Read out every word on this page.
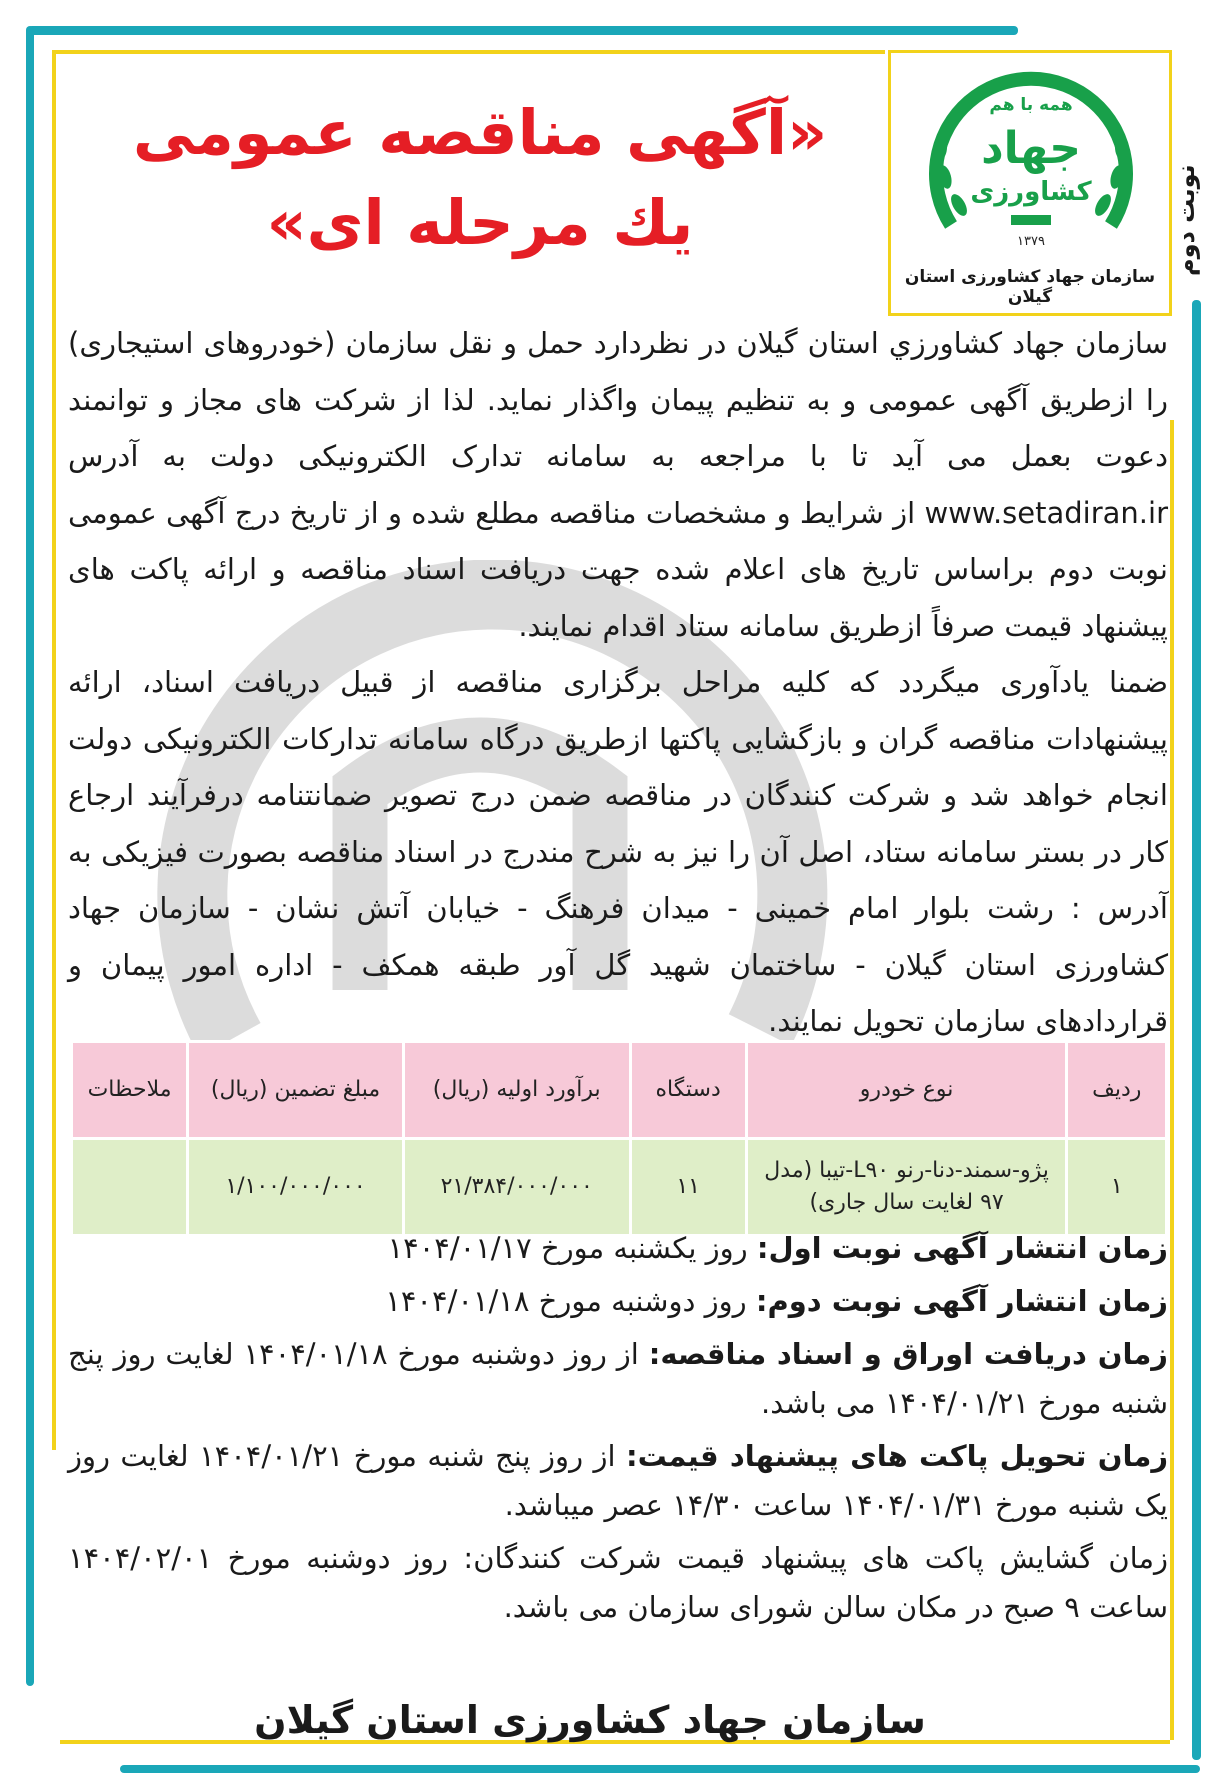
همه با هم
جهاد
کشاورزی
۱۳۷۹
سازمان جهاد کشاورزی استان گیلان
نوبت دوم
«آگهی مناقصه عمومی
یك مرحله ای»

سازمان جهاد کشاورزي استان گیلان در نظردارد حمل و نقل سازمان (خودروهای استیجاری) را ازطریق آگهی عمومی و به تنظیم پیمان واگذار نماید. لذا از شرکت های مجاز و توانمند دعوت بعمل می آید تا با مراجعه به سامانه تدارک الکترونیکی دولت به آدرس www.setadiran.ir از شرایط و مشخصات مناقصه مطلع شده و از تاریخ درج آگهی عمومی نوبت دوم براساس تاریخ های اعلام شده جهت دریافت اسناد مناقصه و ارائه پاکت های پیشنهاد قیمت صرفاً ازطریق سامانه ستاد اقدام نمایند.

ضمنا یادآوری میگردد که کلیه مراحل برگزاری مناقصه از قبیل دریافت اسناد، ارائه پیشنهادات مناقصه گران و بازگشایی پاکتها ازطریق درگاه سامانه تداركات الکترونیکی دولت انجام خواهد شد و شرکت کنندگان در مناقصه ضمن درج تصویر ضمانتنامه درفرآیند ارجاع کار در بستر سامانه ستاد، اصل آن را نیز به شرح مندرج در اسناد مناقصه بصورت فیزیکی به آدرس : رشت بلوار امام خمینی - میدان فرهنگ - خیابان آتش نشان - سازمان جهاد کشاورزی استان گیلان - ساختمان شهید گل آور طبقه همکف - اداره امور پیمان و قراردادهای سازمان تحویل نمایند.

ردیف	نوع خودرو	دستگاه	برآورد اولیه (ریال)	مبلغ تضمین (ریال)	ملاحظات
۱	پژو-سمند-دنا-رنو L۹۰-تیبا (مدل ۹۷ لغایت سال جاری)	۱۱	۲۱/۳۸۴/۰۰۰/۰۰۰	۱/۱۰۰/۰۰۰/۰۰۰	

زمان انتشار آگهی نوبت اول: روز یکشنبه مورخ ۱۴۰۴/۰۱/۱۷

زمان انتشار آگهی نوبت دوم: روز دوشنبه مورخ ۱۴۰۴/۰۱/۱۸

زمان دریافت اوراق و اسناد مناقصه: از روز دوشنبه مورخ ۱۴۰۴/۰۱/۱۸ لغایت روز پنج شنبه مورخ ۱۴۰۴/۰۱/۲۱ می باشد.

زمان تحویل پاکت های پیشنهاد قیمت: از روز پنج شنبه مورخ ۱۴۰۴/۰۱/۲۱ لغایت روز یک شنبه مورخ ۱۴۰۴/۰۱/۳۱ ساعت ۱۴/۳۰ عصر میباشد.

زمان گشایش پاکت های پیشنهاد قیمت شرکت کنندگان: روز دوشنبه مورخ ۱۴۰۴/۰۲/۰۱ ساعت ۹ صبح در مکان سالن شورای سازمان می باشد.

سازمان جهاد کشاورزی استان گیلان
